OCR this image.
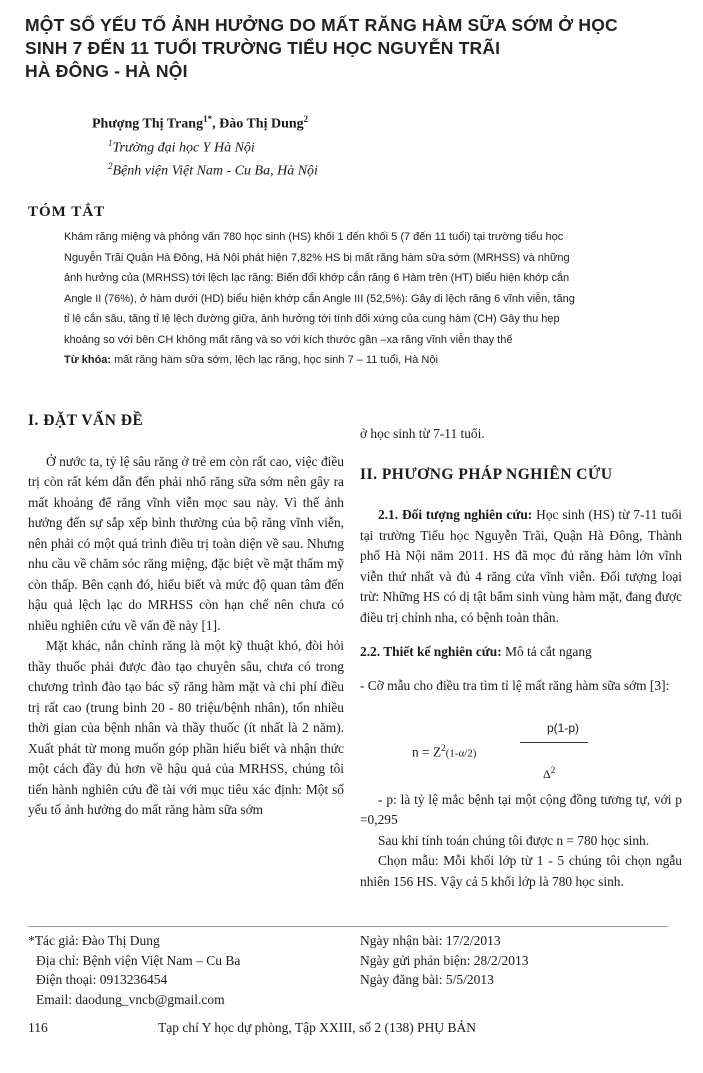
MỘT SỐ YẾU TỐ ẢNH HƯỞNG DO MẤT RĂNG HÀM SỮA SỚM Ở HỌC
SINH 7 ĐẾN 11 TUỔI TRƯỜNG TIỂU HỌC NGUYỄN TRÃI
HÀ ĐÔNG - HÀ NỘI
Phượng Thị Trang$^{1*}$, Đào Thị Dung$^2$
$^1$Trường đại học Y Hà Nội
$^2$Bệnh viện Việt Nam - Cu Ba, Hà Nội
TÓM TẮT
Khám răng miệng và phỏng vấn 780 học sinh (HS) khối 1 đến khối 5 (7 đến 11 tuổi) tại trường tiểu học
Nguyễn Trãi Quận Hà Đông, Hà Nội phát hiện 7,82% HS bị mất răng hàm sữa sớm (MRHSS) và những
ảnh hưởng của (MRHSS) tới lệch lạc răng: Biến đổi khớp cắn răng 6 Hàm trên (HT) biểu hiện khớp cắn
Angle II (76%), ở hàm dưới (HD) biểu hiện khớp cắn Angle III (52,5%): Gây di lệch răng 6 vĩnh viễn, tăng
tỉ lệ cắn sâu, tăng tỉ lệ lệch đường giữa, ảnh hưởng tới tính đối xứng của cung hàm (CH) Gây thu hẹp
khoảng so với bên CH không mất răng và so với kích thước gần –xa răng vĩnh viễn thay thế
Từ khóa: mất răng hàm sữa sớm, lệch lạc răng, học sinh 7 – 11 tuổi, Hà Nội

I. ĐẶT VẤN ĐỀ

Ở nước ta, tỷ lệ sâu răng ở trẻ em còn rất cao, việc điều trị còn rất kém dẫn đến phải nhổ răng sữa sớm nên gây ra mất khoảng để răng vĩnh viễn mọc sau này. Vì thế ảnh hưởng đến sự sắp xếp bình thường của bộ răng vĩnh viễn, nên phải có một quá trình điều trị toàn diện về sau. Nhưng nhu cầu về chăm sóc răng miệng, đặc biệt về mặt thẩm mỹ còn thấp. Bên cạnh đó, hiểu biết và mức độ quan tâm đến hậu quả lệch lạc do MRHSS còn hạn chế nên chưa có nhiều nghiên cứu về vấn đề này [1].

Mặt khác, nắn chỉnh răng là một kỹ thuật khó, đòi hỏi thầy thuốc phải được đào tạo chuyên sâu, chưa có trong chương trình đào tạo bác sỹ răng hàm mặt và chi phí điều trị rất cao (trung bình 20 - 80 triệu/bệnh nhân), tốn nhiều thời gian của bệnh nhân và thầy thuốc (ít nhất là 2 năm). Xuất phát từ mong muốn góp phần hiểu biết và nhận thức một cách đầy đủ hơn về hậu quả của MRHSS, chúng tôi tiến hành nghiên cứu đề tài với mục tiêu xác định: Một số yếu tố ảnh hưởng do mất răng hàm sữa sớm

ở học sinh từ 7-11 tuổi.

II. PHƯƠNG PHÁP NGHIÊN CỨU

2.1. Đối tượng nghiên cứu: Học sinh (HS) từ 7-11 tuổi tại trường Tiểu học Nguyễn Trãi, Quận Hà Đông, Thành phố Hà Nội năm 2011. HS đã mọc đủ răng hàm lớn vĩnh viễn thứ nhất và đủ 4 răng cửa vĩnh viễn. Đối tượng loại trừ: Những HS có dị tật bẩm sinh vùng hàm mặt, đang được điều trị chỉnh nha, có bệnh toàn thân.

2.2. Thiết kế nghiên cứu: Mô tả cắt ngang

- Cỡ mẫu cho điều tra tìm tỉ lệ mất răng hàm sữa sớm [3]:

p(1-p)
$n = Z^2(1-\alpha/2)$
$\Delta^2$

- p: là tỷ lệ mắc bệnh tại một cộng đồng tương tự, với p =0,295

Sau khi tính toán chúng tôi được n = 780 học sinh.

Chọn mẫu: Mỗi khối lớp từ 1 - 5 chúng tôi chọn ngẫu nhiên 156 HS. Vậy cả 5 khối lớp là 780 học sinh.

*Tác giả: Đào Thị Dung
Địa chỉ: Bệnh viện Việt Nam – Cu Ba
Điện thoại: 0913236454
Email: daodung_vncb@gmail.com
Ngày nhận bài: 17/2/2013
Ngày gửi phản biện: 28/2/2013
Ngày đăng bài: 5/5/2013
116	Tạp chí Y học dự phòng, Tập XXIII, số 2 (138) PHỤ BẢN
